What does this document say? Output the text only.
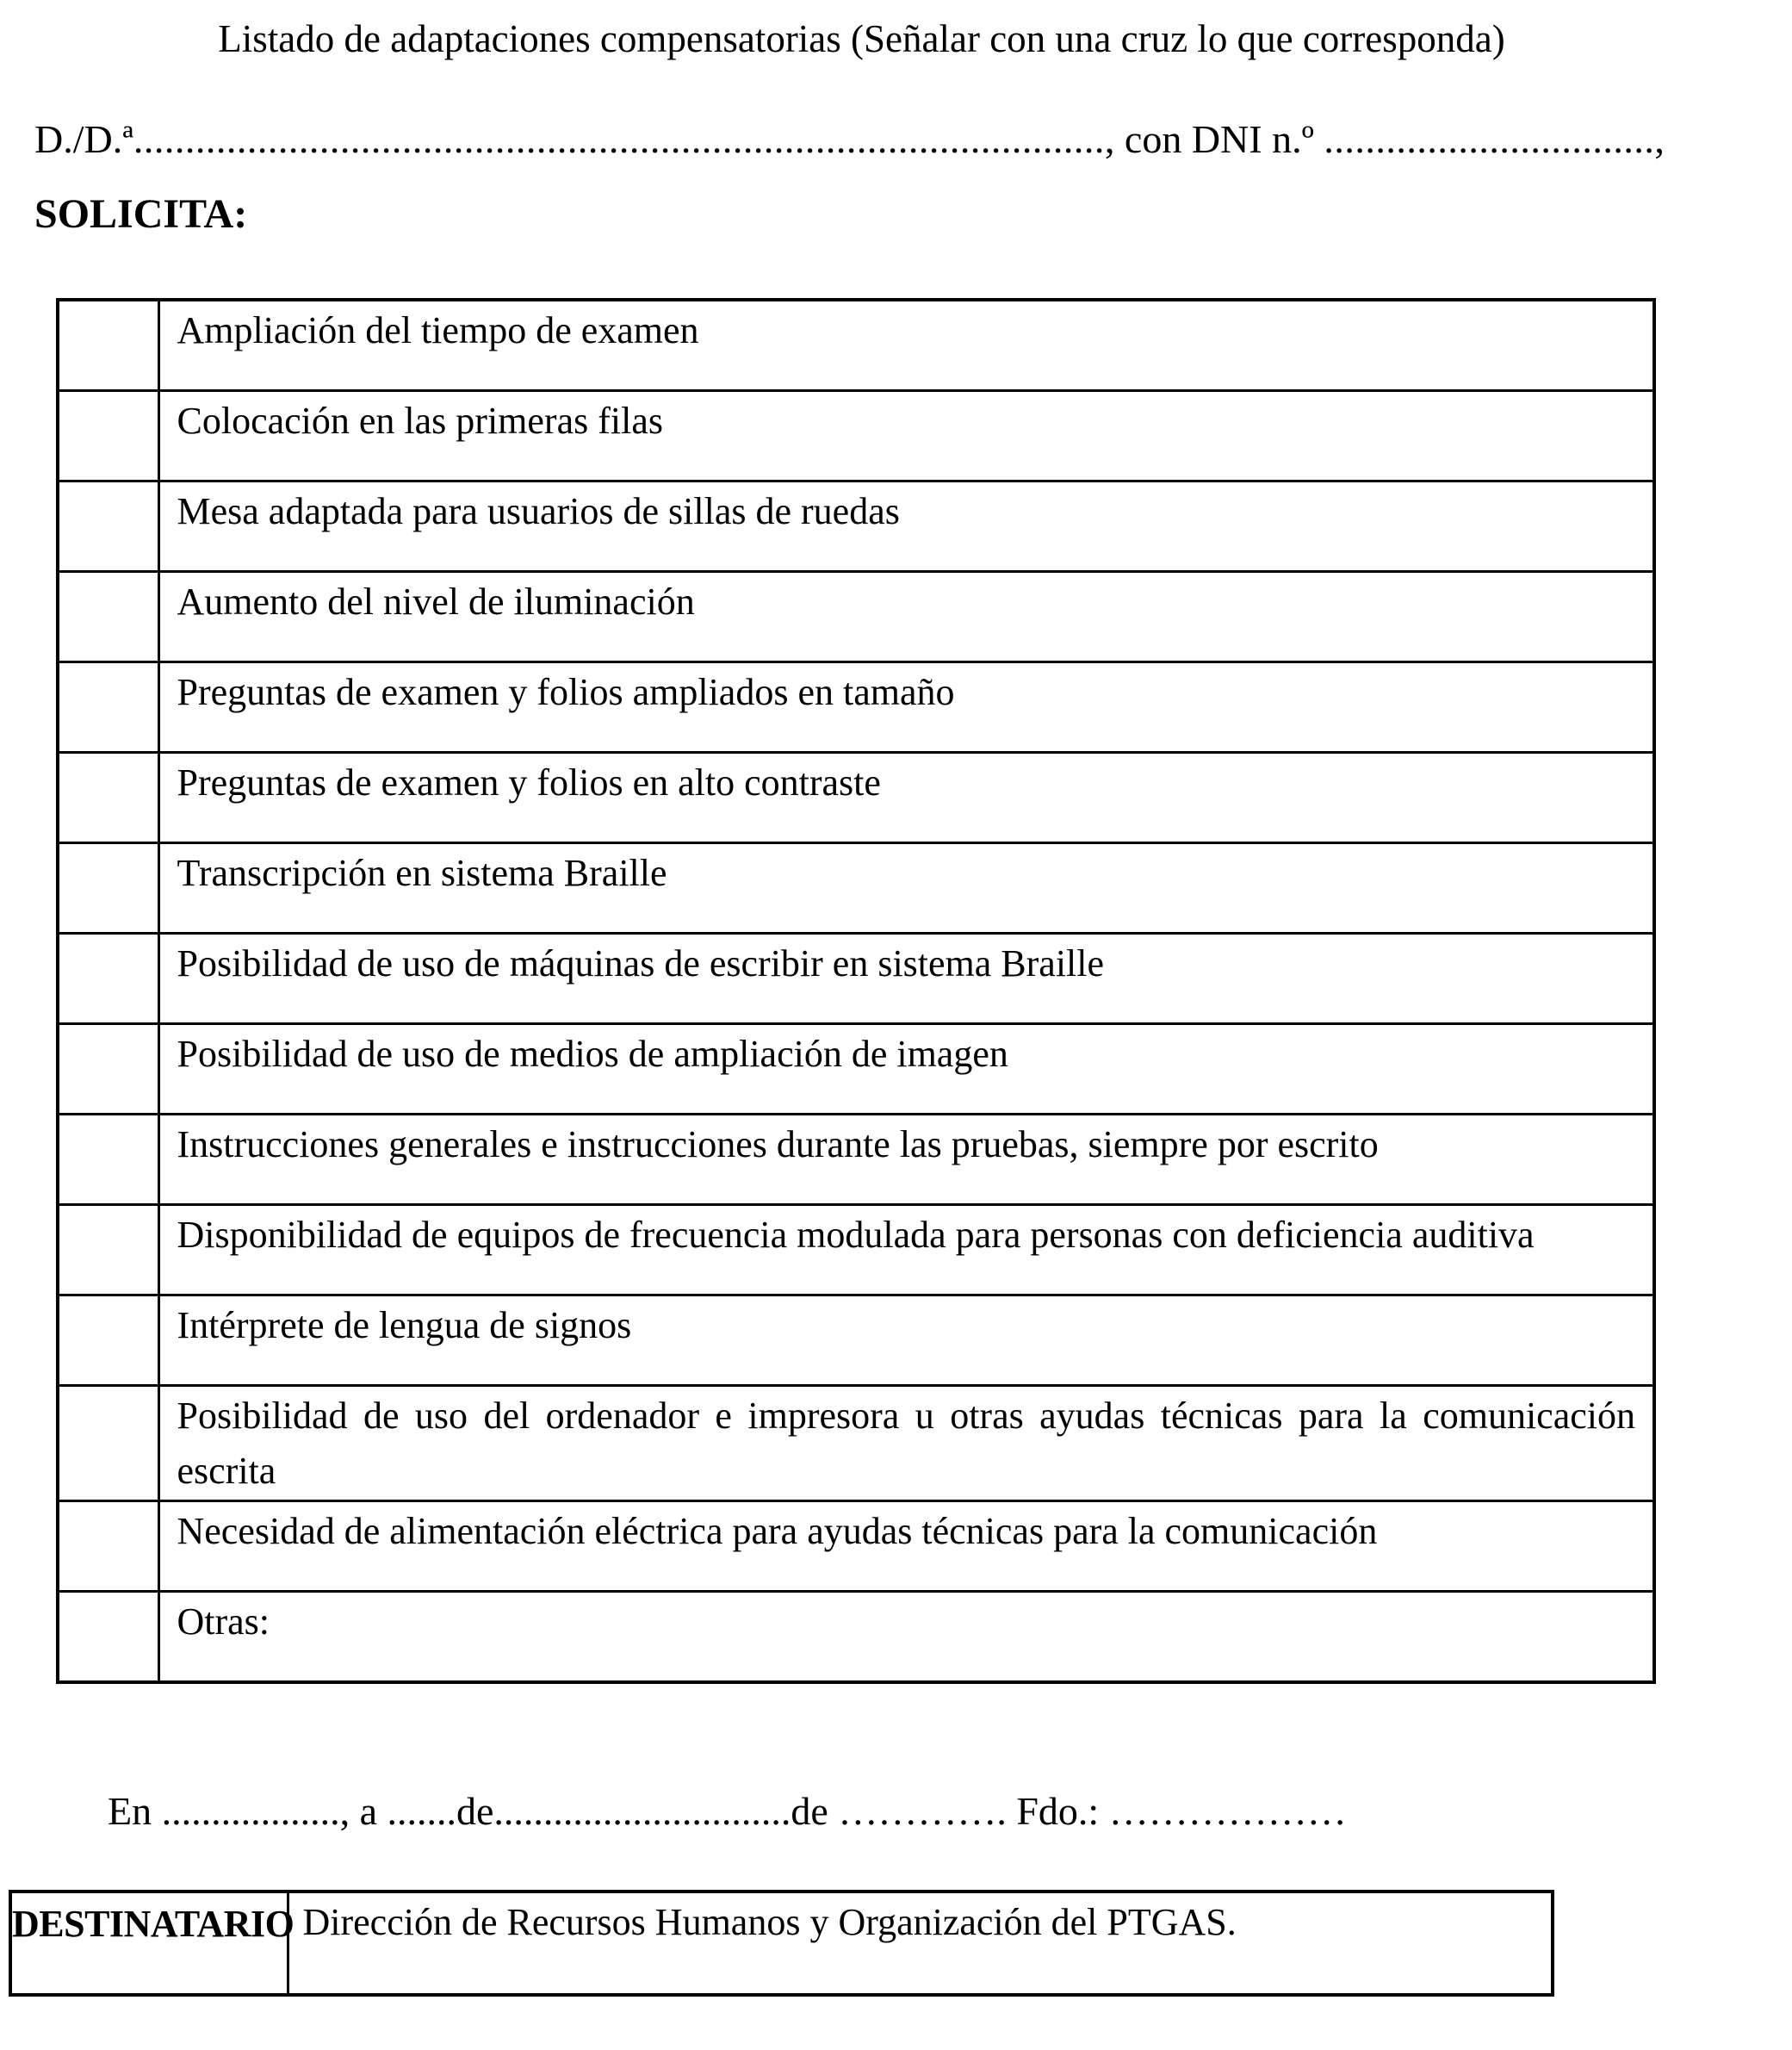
Listado de adaptaciones compensatorias (Señalar con una cruz lo que corresponda)
D./D.ª.............................................................................................., con DNI n.º ................................,
SOLICITA:
	Ampliación del tiempo de examen
	Colocación en las primeras filas
	Mesa adaptada para usuarios de sillas de ruedas
	Aumento del nivel de iluminación
	Preguntas de examen y folios ampliados en tamaño
	Preguntas de examen y folios en alto contraste
	Transcripción en sistema Braille
	Posibilidad de uso de máquinas de escribir en sistema Braille
	Posibilidad de uso de medios de ampliación de imagen
	Instrucciones generales e instrucciones durante las pruebas, siempre por escrito
	Disponibilidad de equipos de frecuencia modulada para personas con deficiencia auditiva
	Intérprete de lengua de signos
	Posibilidad de uso del ordenador e impresora u otras ayudas técnicas para la comunicación escrita
	Necesidad de alimentación eléctrica para ayudas técnicas para la comunicación
	Otras:
En .................., a .......de..............................de …………. Fdo.: ………………
DESTINATARIO	Dirección de Recursos Humanos y Organización del PTGAS.
